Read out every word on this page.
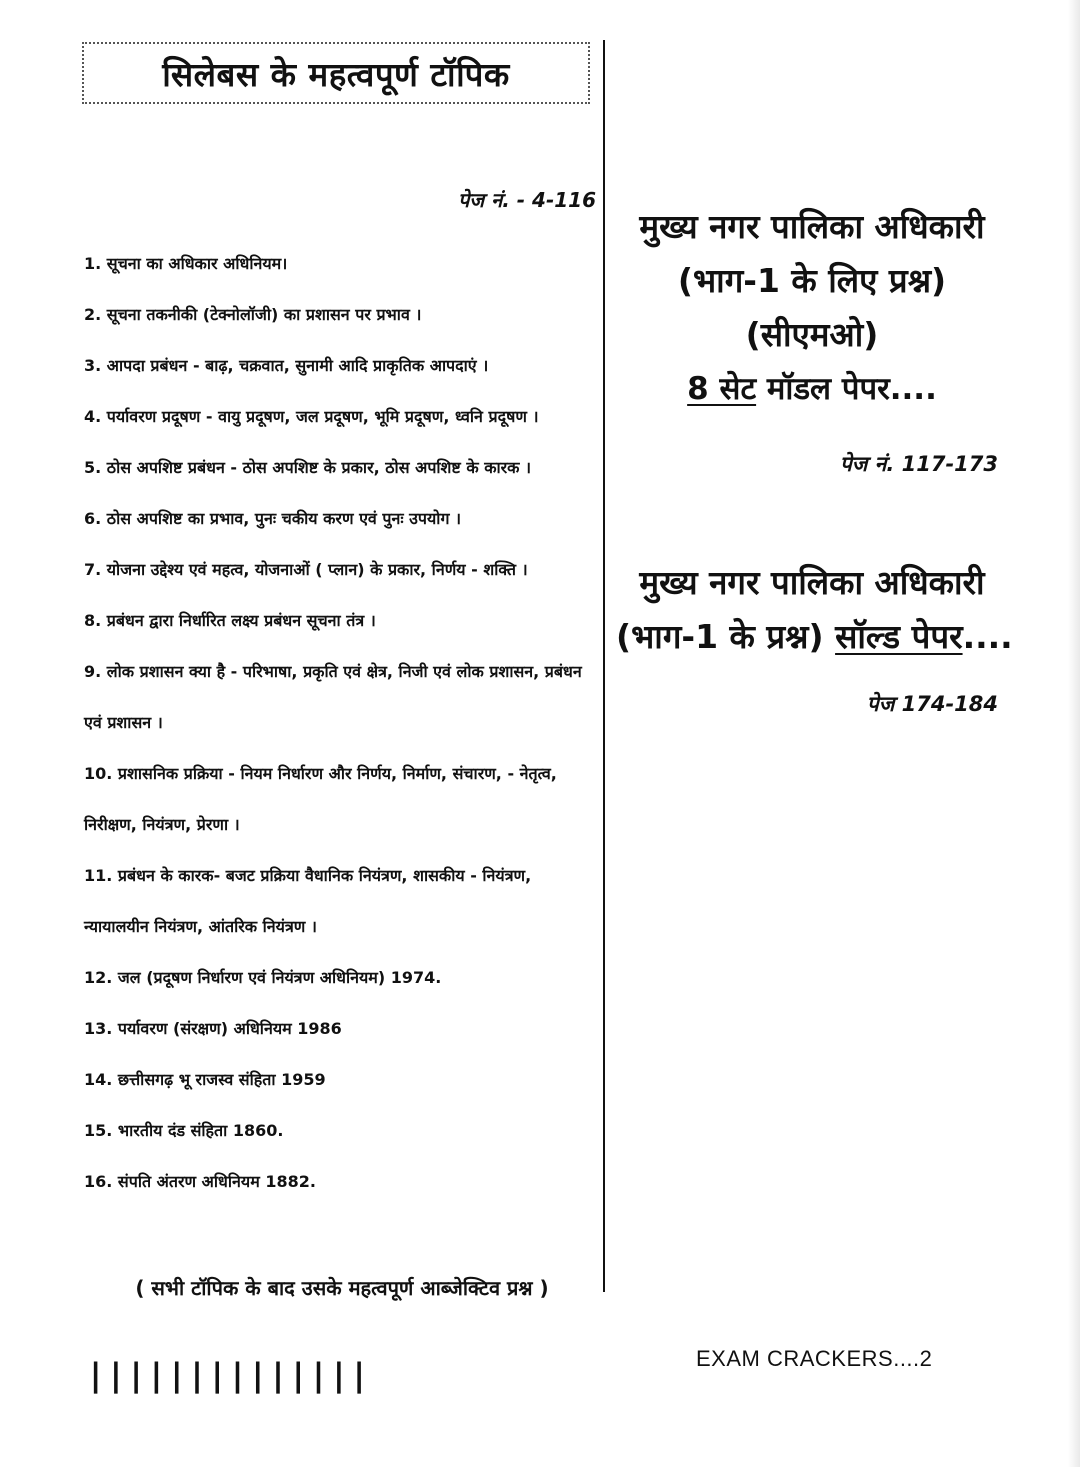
सिलेबस के महत्वपूर्ण टॉपिक
पेज नं. - 4-116
1. सूचना का अधिकार अधिनियम।
2. सूचना तकनीकी (टेक्नोलॉजी) का प्रशासन पर प्रभाव ।
3. आपदा प्रबंधन - बाढ़, चक्रवात, सुनामी आदि प्राकृतिक आपदाएं ।
4. पर्यावरण प्रदूषण - वायु प्रदूषण, जल प्रदूषण, भूमि प्रदूषण, ध्वनि प्रदूषण ।
5. ठोस अपशिष्ट प्रबंधन - ठोस अपशिष्ट के प्रकार, ठोस अपशिष्ट के कारक ।
6. ठोस अपशिष्ट का प्रभाव, पुनः चकीय करण एवं पुनः उपयोग ।
7. योजना उद्देश्य एवं महत्व, योजनाओं ( प्लान) के प्रकार, निर्णय - शक्ति ।
8. प्रबंधन द्वारा निर्धारित लक्ष्य प्रबंधन सूचना तंत्र ।
9. लोक प्रशासन क्या है - परिभाषा, प्रकृति एवं क्षेत्र, निजी एवं लोक प्रशासन, प्रबंधन एवं प्रशासन ।
10. प्रशासनिक प्रक्रिया - नियम निर्धारण और निर्णय, निर्माण, संचारण, - नेतृत्व, निरीक्षण, नियंत्रण, प्रेरणा ।
11. प्रबंधन के कारक- बजट प्रक्रिया वैधानिक नियंत्रण, शासकीय - नियंत्रण, न्यायालयीन नियंत्रण, आंतरिक नियंत्रण ।
12. जल (प्रदूषण निर्धारण एवं नियंत्रण अधिनियम) 1974.
13. पर्यावरण (संरक्षण) अधिनियम 1986
14. छत्तीसगढ़ भू राजस्व संहिता 1959
15. भारतीय दंड संहिता 1860.
16. संपति अंतरण अधिनियम 1882.
( सभी टॉपिक के बाद उसके महत्वपूर्ण आब्जेक्टिव प्रश्न )
||||||||||||||
मुख्य नगर पालिका अधिकारी
(भाग-1 के लिए प्रश्न)
(सीएमओ)
8 सेट मॉडल पेपर....
पेज नं. 117-173
मुख्य नगर पालिका अधिकारी
(भाग-1 के प्रश्न) सॉल्ड पेपर....
पेज 174-184
EXAM CRACKERS....2
